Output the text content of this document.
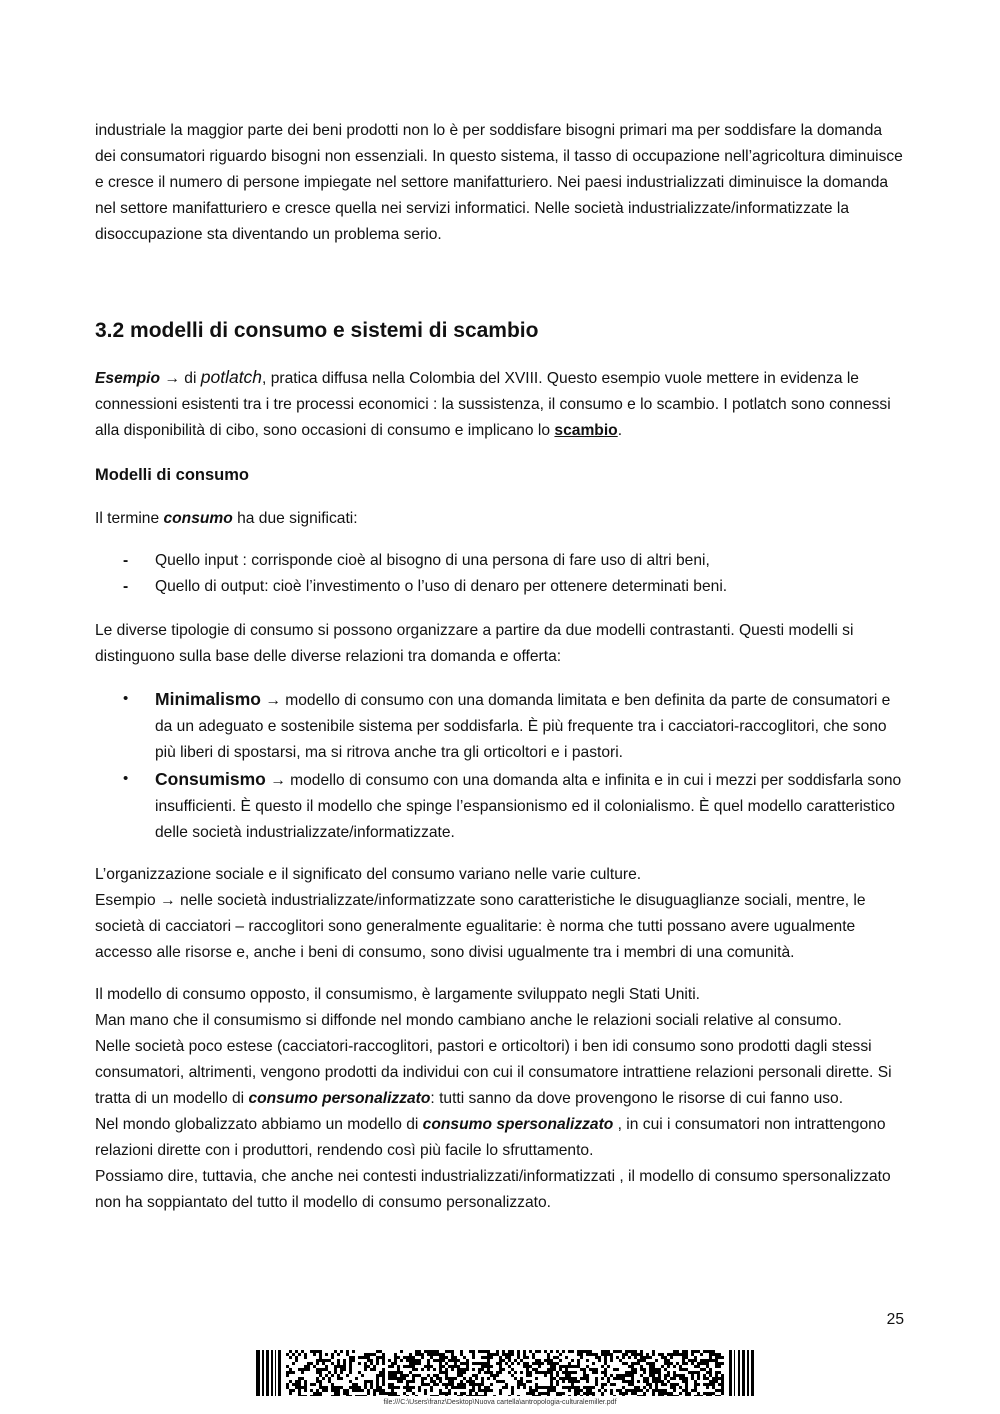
industriale la maggior parte dei beni prodotti non lo è per soddisfare bisogni primari ma per soddisfare la domanda dei consumatori riguardo bisogni non essenziali. In questo sistema, il tasso di occupazione nell’agricoltura diminuisce e cresce il numero di persone impiegate nel settore manifatturiero. Nei paesi industrializzati diminuisce la domanda nel settore manifatturiero e cresce quella nei servizi informatici. Nelle società industrializzate/informatizzate la disoccupazione sta diventando un problema serio.

3.2 modelli di consumo e sistemi di scambio

Esempio → di potlatch, pratica diffusa nella Colombia del XVIII. Questo esempio vuole mettere in evidenza le connessioni esistenti tra i tre processi economici : la sussistenza, il consumo e lo scambio. I potlatch sono connessi alla disponibilità di cibo, sono occasioni di consumo e implicano lo scambio.

Modelli di consumo

Il termine consumo ha due significati:

- Quello input : corrisponde cioè al bisogno di una persona di fare uso di altri beni,
- Quello di output: cioè l’investimento o l’uso di denaro per ottenere determinati beni.

Le diverse tipologie di consumo si possono organizzare a partire da due modelli contrastanti. Questi modelli si distinguono sulla base delle diverse relazioni tra domanda e offerta:

• Minimalismo → modello di consumo con una domanda limitata e ben definita da parte de consumatori e da un adeguato e sostenibile sistema per soddisfarla. È più frequente tra i cacciatori-raccoglitori, che sono più liberi di spostarsi, ma si ritrova anche tra gli orticoltori e i pastori.
• Consumismo → modello di consumo con una domanda alta e infinita e in cui i mezzi per soddisfarla sono insufficienti. È questo il modello che spinge l’espansionismo ed il colonialismo. È quel modello caratteristico delle società industrializzate/informatizzate.

L’organizzazione sociale e il significato del consumo variano nelle varie culture.

Esempio → nelle società industrializzate/informatizzate sono caratteristiche le disuguaglianze sociali, mentre, le società di cacciatori – raccoglitori sono generalmente egualitarie: è norma che tutti possano avere ugualmente accesso alle risorse e, anche i beni di consumo, sono divisi ugualmente tra i membri di una comunità.

Il modello di consumo opposto, il consumismo, è largamente sviluppato negli Stati Uniti.

Man mano che il consumismo si diffonde nel mondo cambiano anche le relazioni sociali relative al consumo.

Nelle società poco estese (cacciatori-raccoglitori, pastori e orticoltori) i ben idi consumo sono prodotti dagli stessi consumatori, altrimenti, vengono prodotti da individui con cui il consumatore intrattiene relazioni personali dirette. Si tratta di un modello di consumo personalizzato: tutti sanno da dove provengono le risorse di cui fanno uso.

Nel mondo globalizzato abbiamo un modello di consumo spersonalizzato , in cui i consumatori non intrattengono relazioni dirette con i produttori, rendendo così più facile lo sfruttamento.

Possiamo dire, tuttavia, che anche nei contesti industrializzati/informatizzati , il modello di consumo spersonalizzato non ha soppiantato del tutto il modello di consumo personalizzato.

25
file:///C:\Users\franz\Desktop\Nuova cartella\antropologia-culturalemiller.pdf
